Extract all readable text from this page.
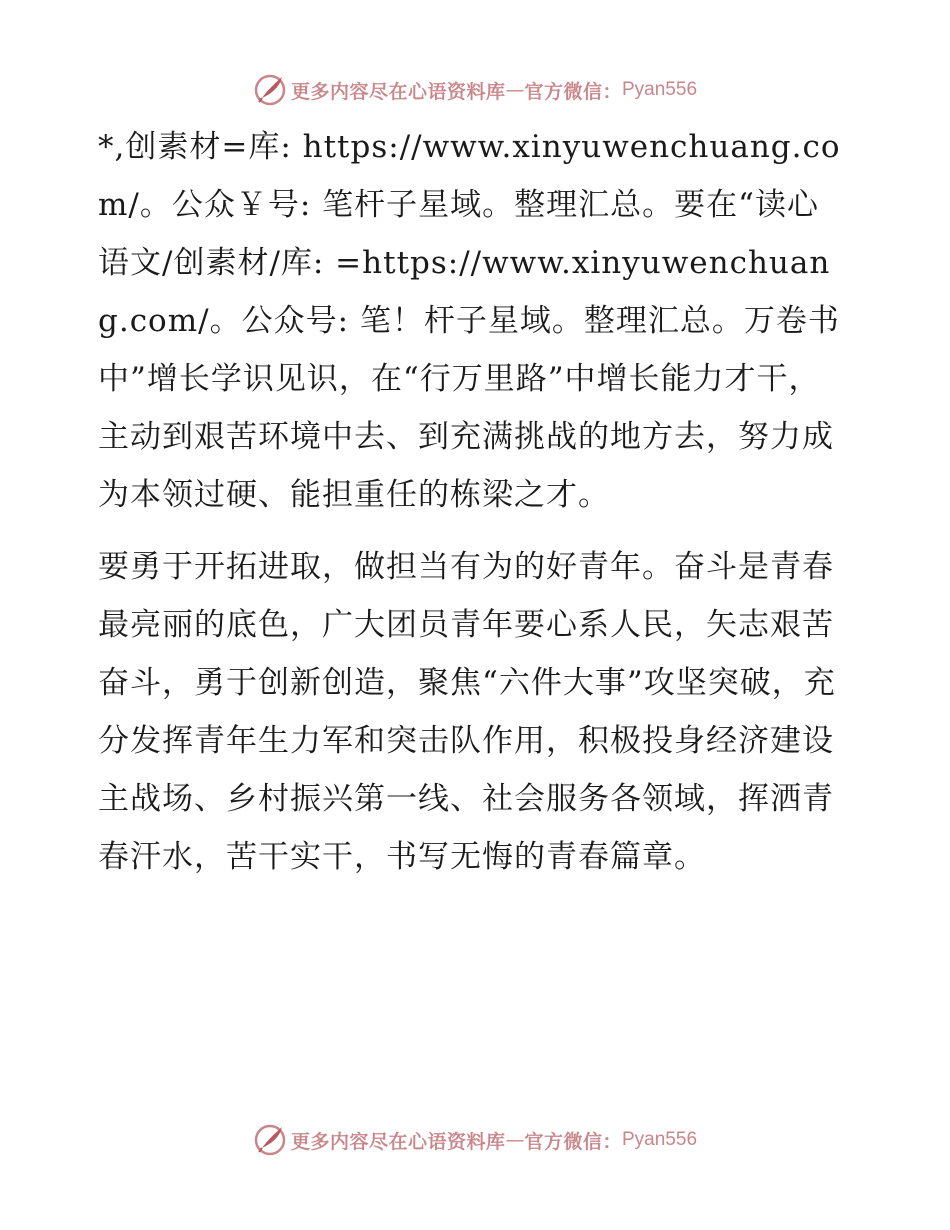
更多内容尽在心语资料库 — 官方微信： Pyan556

*,创素材=库: https://www.xinyuwenchuang.com/。公众￥号: 笔杆子星域。整理汇总。要在“读心语文/创素材/库: =https://www.xinyuwenchuang.com/。公众号: 笔！杆子星域。整理汇总。万卷书中”增长学识见识，在“行万里路”中增长能力才干，主动到艰苦环境中去、到充满挑战的地方去，努力成为本领过硬、能担重任的栋梁之才。

要勇于开拓进取，做担当有为的好青年。奋斗是青春最亮丽的底色，广大团员青年要心系人民，矢志艰苦奋斗，勇于创新创造，聚焦“六件大事”攻坚突破，充分发挥青年生力军和突击队作用，积极投身经济建设主战场、乡村振兴第一线、社会服务各领域，挥洒青春汗水，苦干实干，书写无悔的青春篇章。

更多内容尽在心语资料库 — 官方微信： Pyan556
